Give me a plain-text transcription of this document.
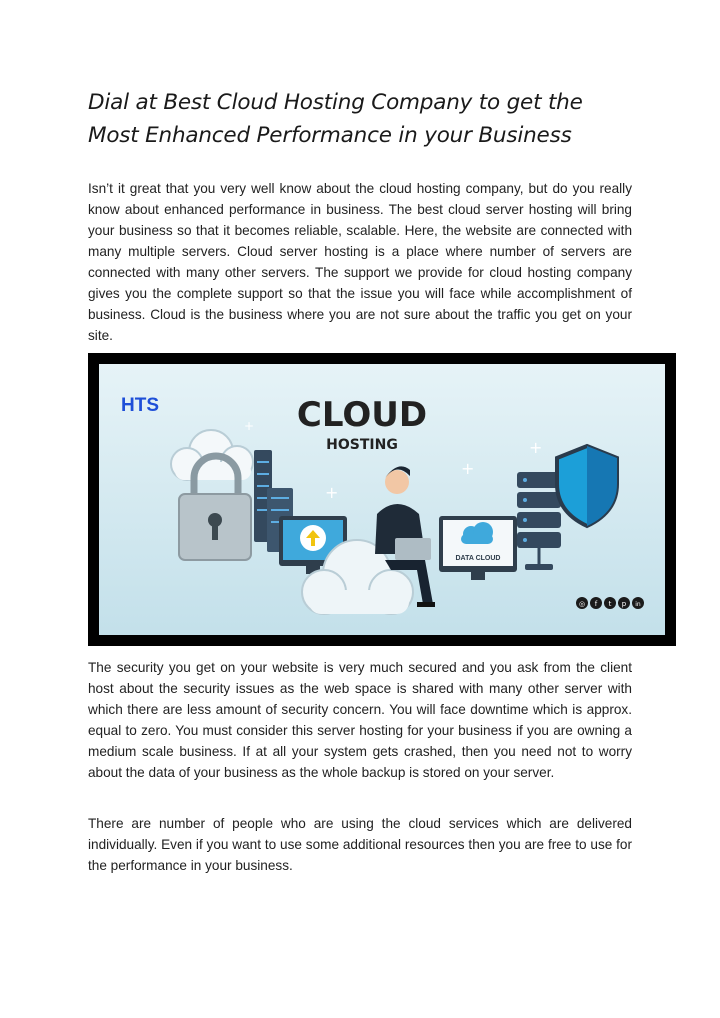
Dial at Best Cloud Hosting Company to get the
Most Enhanced Performance in your Business
Isn’t it great that you very well know about the cloud hosting company, but do you really know about enhanced performance in business. The best cloud server hosting will bring your business so that it becomes reliable, scalable. Here, the website are connected with many multiple servers. Cloud server hosting is a place where number of servers are connected with many other servers. The support we provide for cloud hosting company gives you the complete support so that the issue you will face while accomplishment of business. Cloud is the business where you are not sure about the traffic you get on your site.
HTS	CLOUD
HOSTING
+
+
+
+
DATA CLOUD
◎ f t p in
The security you get on your website is very much secured and you ask from the client host about the security issues as the web space is shared with many other server with which there are less amount of security concern. You will face downtime which is approx. equal to zero. You must consider this server hosting for your business if you are owning a medium scale business. If at all your system gets crashed, then you need not to worry about the data of your business as the whole backup is stored on your server.
There are number of people who are using the cloud services which are delivered individually. Even if you want to use some additional resources then you are free to use for the performance in your business.
